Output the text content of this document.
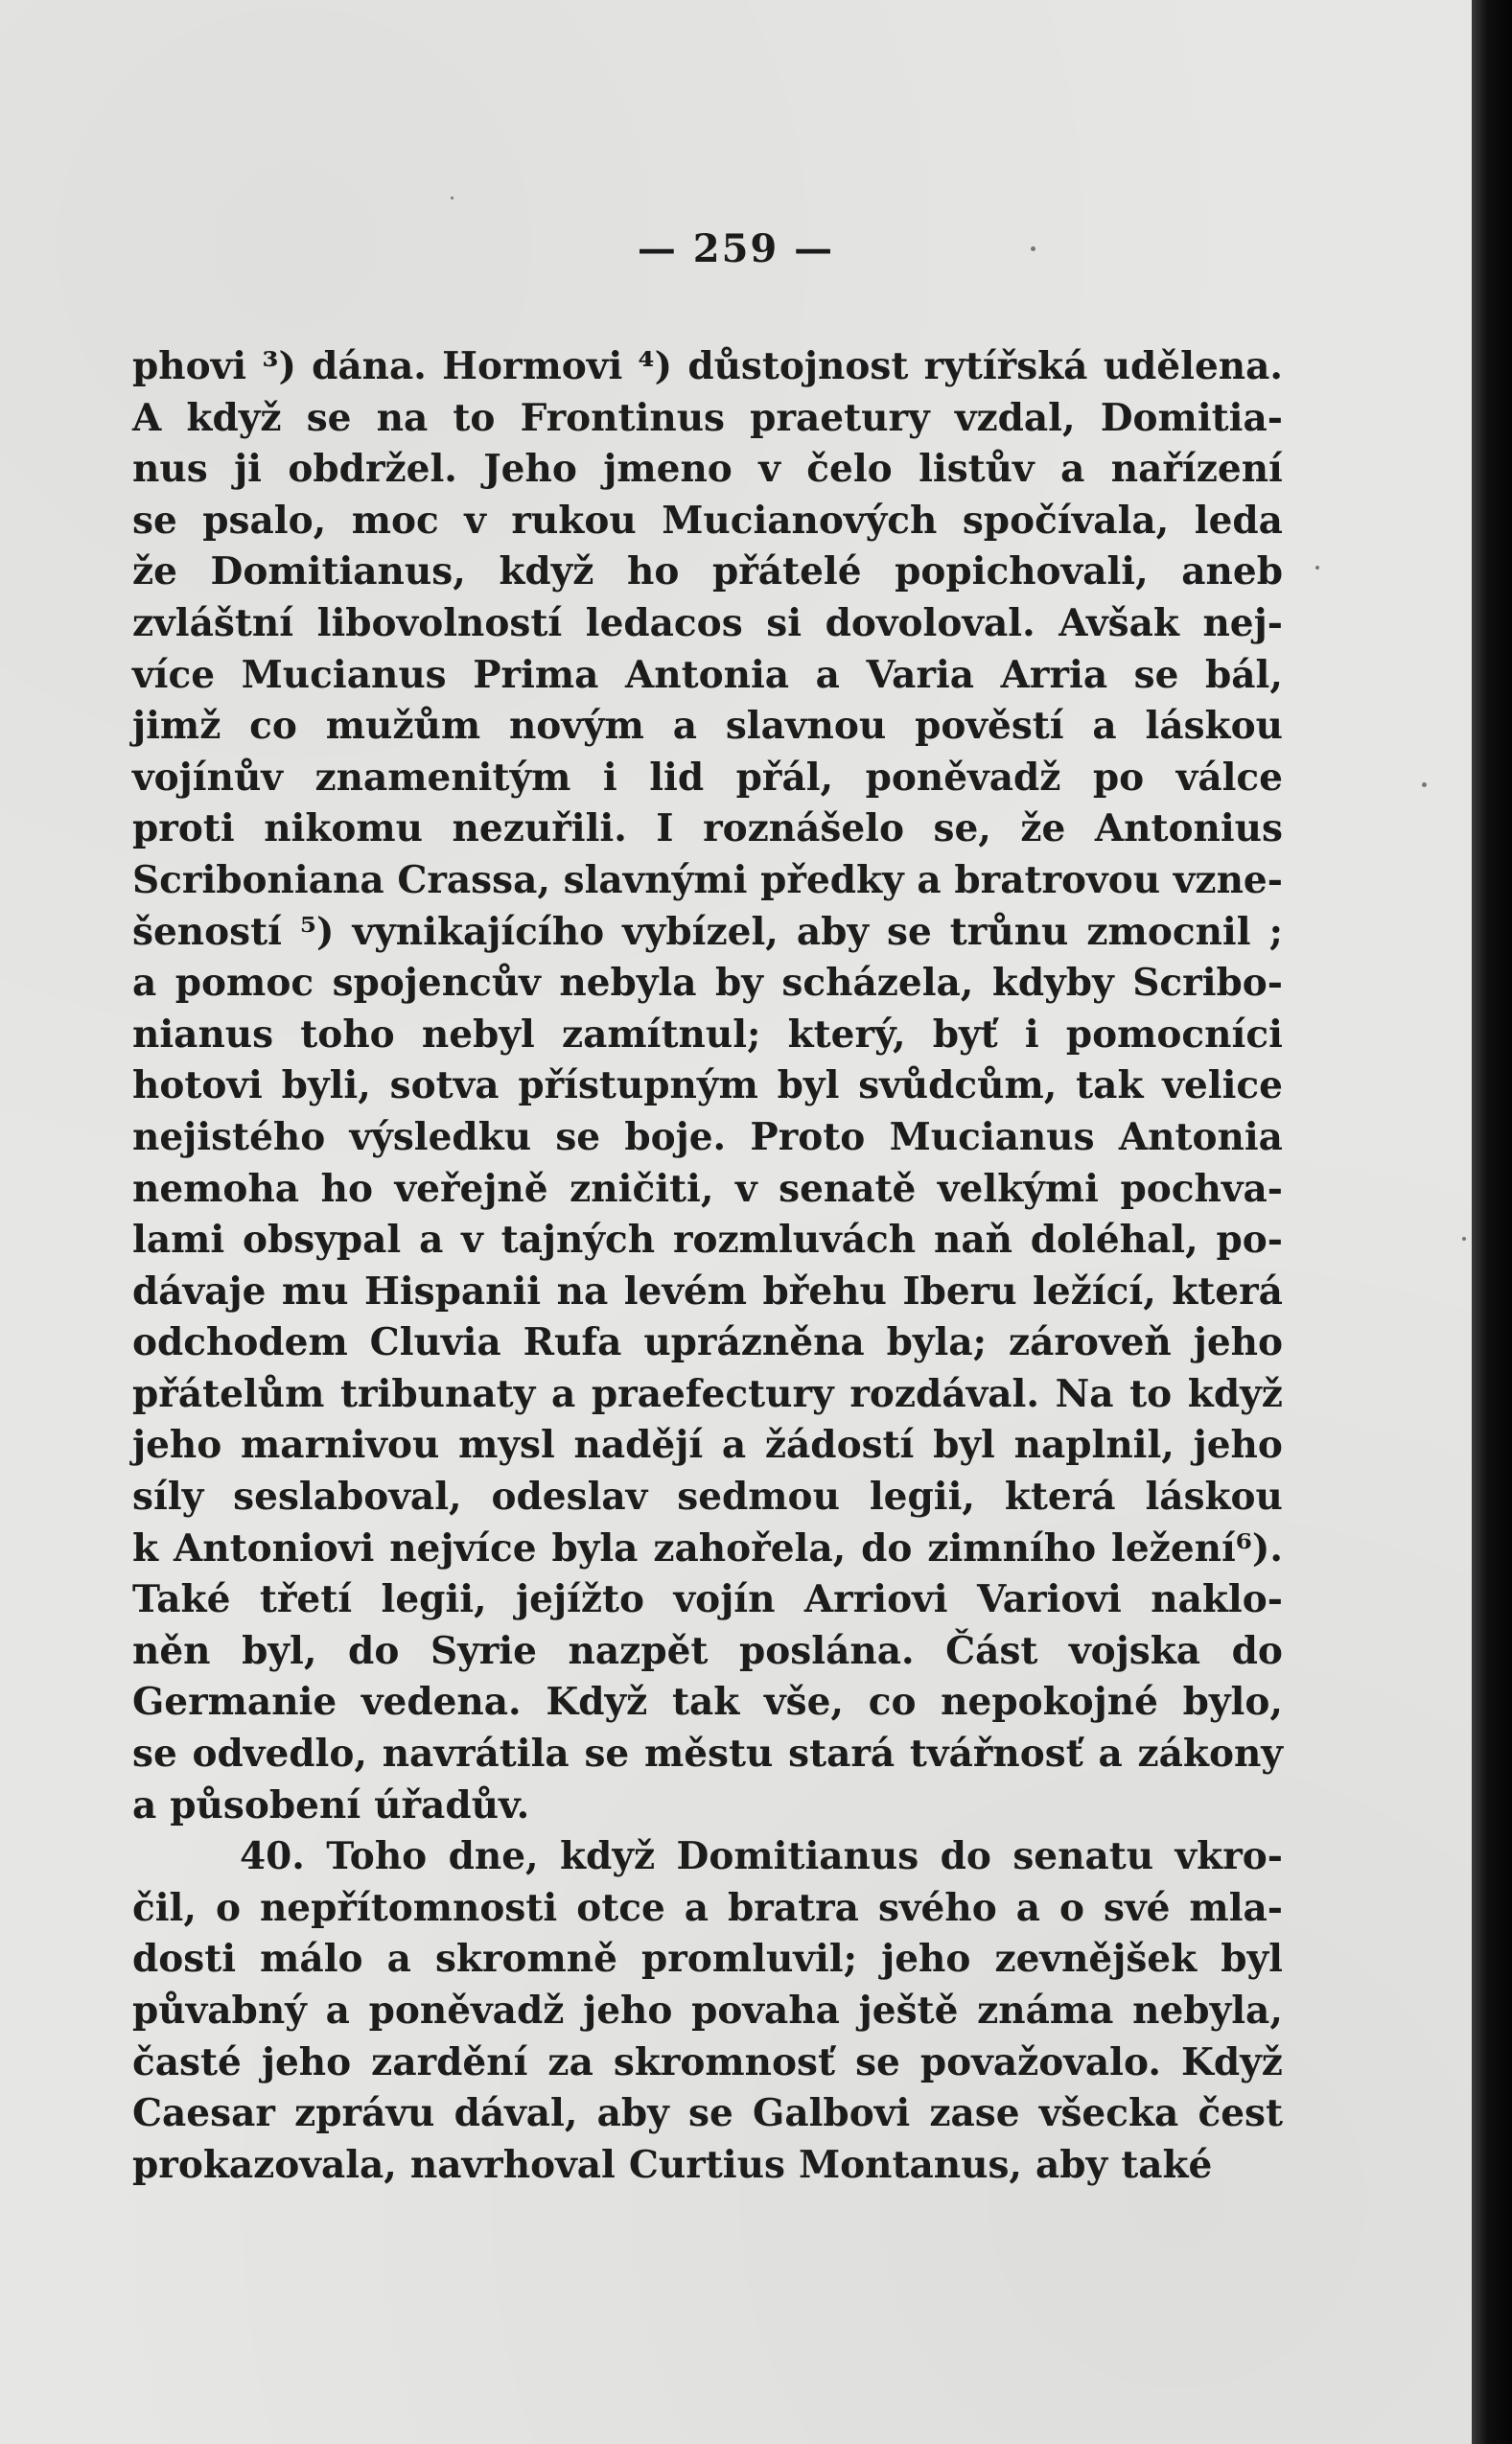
— 259 —
phovi ³) dána. Hormovi ⁴) důstojnost rytířská udělena.
A když se na to Frontinus praetury vzdal, Domitia-
nus ji obdržel. Jeho jmeno v čelo listův a nařízení
se psalo, moc v rukou Mucianových spočívala, leda
že Domitianus, když ho přátelé popichovali, aneb
zvláštní libovolností ledacos si dovoloval. Avšak nej-
více Mucianus Prima Antonia a Varia Arria se bál,
jimž co mužům novým a slavnou pověstí a láskou
vojínův znamenitým i lid přál, poněvadž po válce
proti nikomu nezuřili. I roznášelo se, že Antonius
Scriboniana Crassa, slavnými předky a bratrovou vzne-
šeností ⁵) vynikajícího vybízel, aby se trůnu zmocnil ;
a pomoc spojencův nebyla by scházela, kdyby Scribo-
nianus toho nebyl zamítnul; který, byť i pomocníci
hotovi byli, sotva přístupným byl svůdcům, tak velice
nejistého výsledku se boje. Proto Mucianus Antonia
nemoha ho veřejně zničiti, v senatě velkými pochva-
lami obsypal a v tajných rozmluvách naň doléhal, po-
dávaje mu Hispanii na levém břehu Iberu ležící, která
odchodem Cluvia Rufa uprázněna byla; zároveň jeho
přátelům tribunaty a praefectury rozdával. Na to když
jeho marnivou mysl nadějí a žádostí byl naplnil, jeho
síly seslaboval, odeslav sedmou legii, která láskou
k Antoniovi nejvíce byla zahořela, do zimního ležení⁶).
Také třetí legii, jejížto vojín Arriovi Variovi naklo-
něn byl, do Syrie nazpět poslána. Část vojska do
Germanie vedena. Když tak vše, co nepokojné bylo,
se odvedlo, navrátila se městu stará tvářnosť a zákony
a působení úřadův.
40. Toho dne, když Domitianus do senatu vkro-
čil, o nepřítomnosti otce a bratra svého a o své mla-
dosti málo a skromně promluvil; jeho zevnějšek byl
půvabný a poněvadž jeho povaha ještě známa nebyla,
časté jeho zardění za skromnosť se považovalo. Když
Caesar zprávu dával, aby se Galbovi zase všecka čest
prokazovala, navrhoval Curtius Montanus, aby také
